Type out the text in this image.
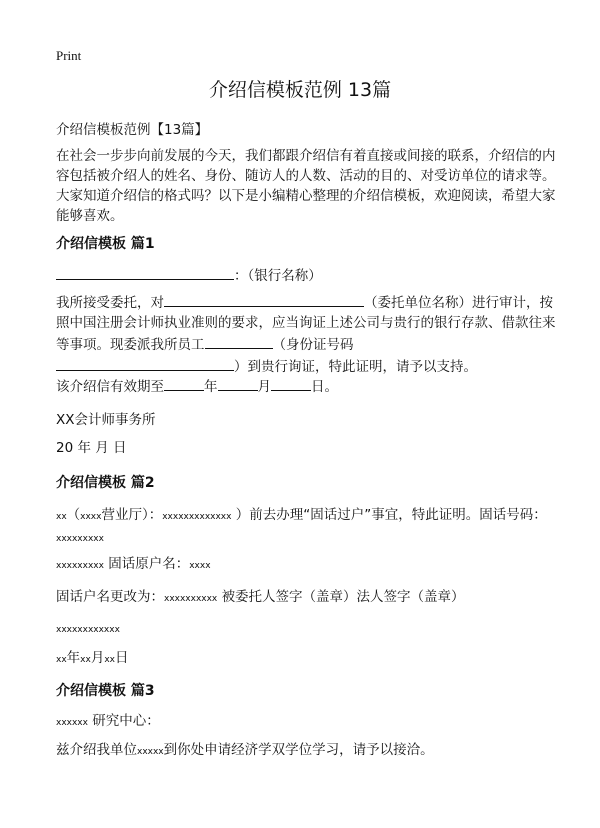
Print
介绍信模板范例 13篇
介绍信模板范例【13篇】
在社会一步步向前发展的今天，我们都跟介绍信有着直接或间接的联系，介绍信的内容包括被介绍人的姓名、身份、随访人的人数、活动的目的、对受访单位的请求等。大家知道介绍信的格式吗？以下是小编精心整理的介绍信模板，欢迎阅读，希望大家能够喜欢。
介绍信模板 篇1
：（银行名称）
我所接受委托，对	（委托单位名称）进行审计，按照中国注册会计师执业准则的要求，应当询证上述公司与贵行的银行存款、借款往来等事项。现委派我所员工	（身份证号码
）到贵行询证，特此证明，请予以支持。
该介绍信有效期至	年	月	日。
XX会计师事务所
20 年 月 日
介绍信模板 篇2
xx（xxxx营业厅）：xxxxxxxxxxxxx ）前去办理“固话过户”事宜，特此证明。固话号码：xxxxxxxxx
xxxxxxxxx 固话原户名：xxxx
固话户名更改为：xxxxxxxxxx 被委托人签字（盖章）法人签字（盖章）
xxxxxxxxxxxx
xx年xx月xx日
介绍信模板 篇3
xxxxxx 研究中心：
兹介绍我单位xxxxx到你处申请经济学双学位学习，请予以接洽。
